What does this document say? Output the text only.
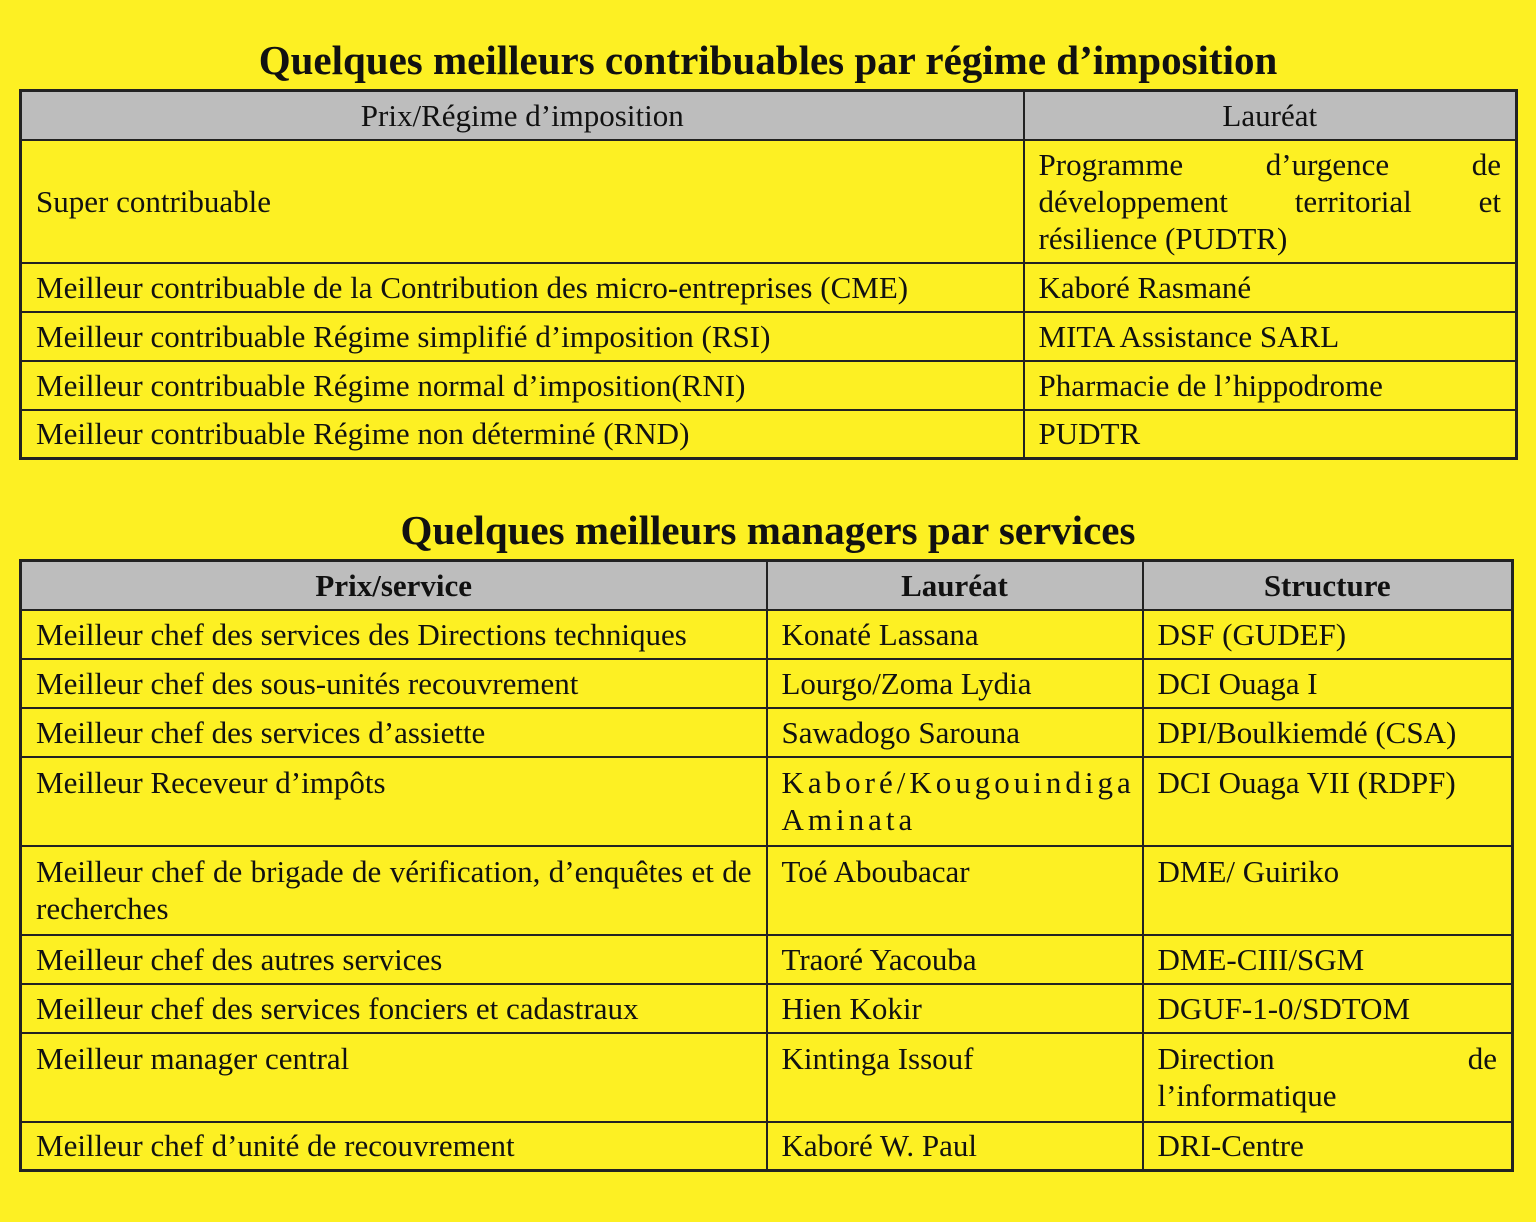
Quelques meilleurs contribuables par régime d’imposition
Prix/Régime d’imposition	Lauréat
Super contribuable	Programme d’urgence de développement territorial et résilience (PUDTR)
Meilleur contribuable de la Contribution des micro-entreprises (CME)	Kaboré Rasmané
Meilleur contribuable Régime simplifié d’imposition (RSI)	MITA Assistance SARL
Meilleur contribuable Régime normal d’imposition(RNI)	Pharmacie de l’hippodrome
Meilleur contribuable Régime non déterminé (RND)	PUDTR
Quelques meilleurs managers par services
Prix/service	Lauréat	Structure
Meilleur chef des services des Directions techniques	Konaté Lassana	DSF (GUDEF)
Meilleur chef des sous-unités recouvrement	Lourgo/Zoma Lydia	DCI Ouaga I
Meilleur chef des services d’assiette	Sawadogo Sarouna	DPI/Boulkiemdé (CSA)
Meilleur Receveur d’impôts	Kaboré/Kougouindiga Aminata	DCI Ouaga VII (RDPF)
Meilleur chef de brigade de vérification, d’enquêtes et de recherches	Toé Aboubacar	DME/ Guiriko
Meilleur chef des autres services	Traoré Yacouba	DME-CIII/SGM
Meilleur chef des services fonciers et cadastraux	Hien Kokir	DGUF-1-0/SDTOM
Meilleur manager central	Kintinga Issouf	Direction de l’informatique
Meilleur chef d’unité de recouvrement	Kaboré W. Paul	DRI-Centre
